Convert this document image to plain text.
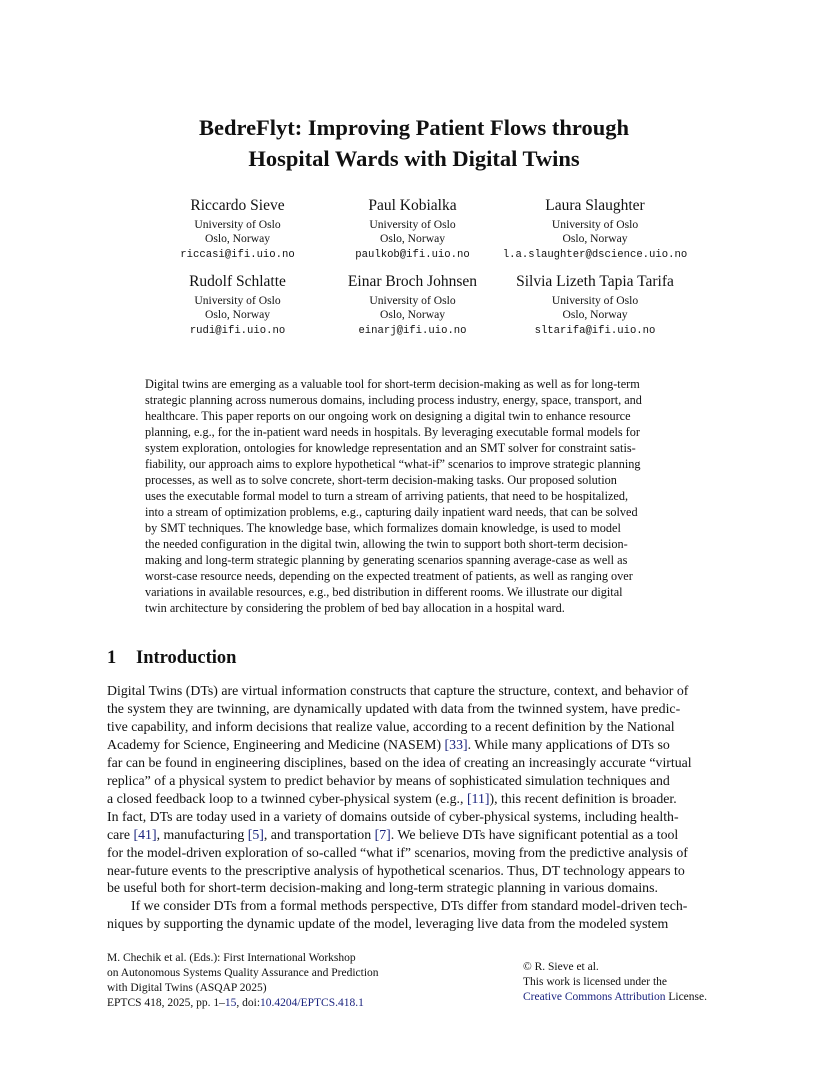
BedreFlyt: Improving Patient Flows through
Hospital Wards with Digital Twins
Riccardo Sieve
University of Oslo
Oslo, Norway
riccasi@ifi.uio.no
Paul Kobialka
University of Oslo
Oslo, Norway
paulkob@ifi.uio.no
Laura Slaughter
University of Oslo
Oslo, Norway
l.a.slaughter@dscience.uio.no
Rudolf Schlatte
University of Oslo
Oslo, Norway
rudi@ifi.uio.no
Einar Broch Johnsen
University of Oslo
Oslo, Norway
einarj@ifi.uio.no
Silvia Lizeth Tapia Tarifa
University of Oslo
Oslo, Norway
sltarifa@ifi.uio.no
Digital twins are emerging as a valuable tool for short-term decision-making as well as for long-term
strategic planning across numerous domains, including process industry, energy, space, transport, and
healthcare. This paper reports on our ongoing work on designing a digital twin to enhance resource
planning, e.g., for the in-patient ward needs in hospitals. By leveraging executable formal models for
system exploration, ontologies for knowledge representation and an SMT solver for constraint satis-
fiability, our approach aims to explore hypothetical “what-if” scenarios to improve strategic planning
processes, as well as to solve concrete, short-term decision-making tasks. Our proposed solution
uses the executable formal model to turn a stream of arriving patients, that need to be hospitalized,
into a stream of optimization problems, e.g., capturing daily inpatient ward needs, that can be solved
by SMT techniques. The knowledge base, which formalizes domain knowledge, is used to model
the needed configuration in the digital twin, allowing the twin to support both short-term decision-
making and long-term strategic planning by generating scenarios spanning average-case as well as
worst-case resource needs, depending on the expected treatment of patients, as well as ranging over
variations in available resources, e.g., bed distribution in different rooms. We illustrate our digital
twin architecture by considering the problem of bed bay allocation in a hospital ward.
1 Introduction
Digital Twins (DTs) are virtual information constructs that capture the structure, context, and behavior of
the system they are twinning, are dynamically updated with data from the twinned system, have predic-
tive capability, and inform decisions that realize value, according to a recent definition by the National
Academy for Science, Engineering and Medicine (NASEM) [33]. While many applications of DTs so
far can be found in engineering disciplines, based on the idea of creating an increasingly accurate “virtual
replica” of a physical system to predict behavior by means of sophisticated simulation techniques and
a closed feedback loop to a twinned cyber-physical system (e.g., [11]), this recent definition is broader.
In fact, DTs are today used in a variety of domains outside of cyber-physical systems, including health-
care [41], manufacturing [5], and transportation [7]. We believe DTs have significant potential as a tool
for the model-driven exploration of so-called “what if” scenarios, moving from the predictive analysis of
near-future events to the prescriptive analysis of hypothetical scenarios. Thus, DT technology appears to
be useful both for short-term decision-making and long-term strategic planning in various domains.
If we consider DTs from a formal methods perspective, DTs differ from standard model-driven tech-
niques by supporting the dynamic update of the model, leveraging live data from the modeled system
M. Chechik et al. (Eds.): First International Workshop
on Autonomous Systems Quality Assurance and Prediction
with Digital Twins (ASQAP 2025)
EPTCS 418, 2025, pp. 1–15, doi:10.4204/EPTCS.418.1
© R. Sieve et al.
This work is licensed under the
Creative Commons Attribution License.
